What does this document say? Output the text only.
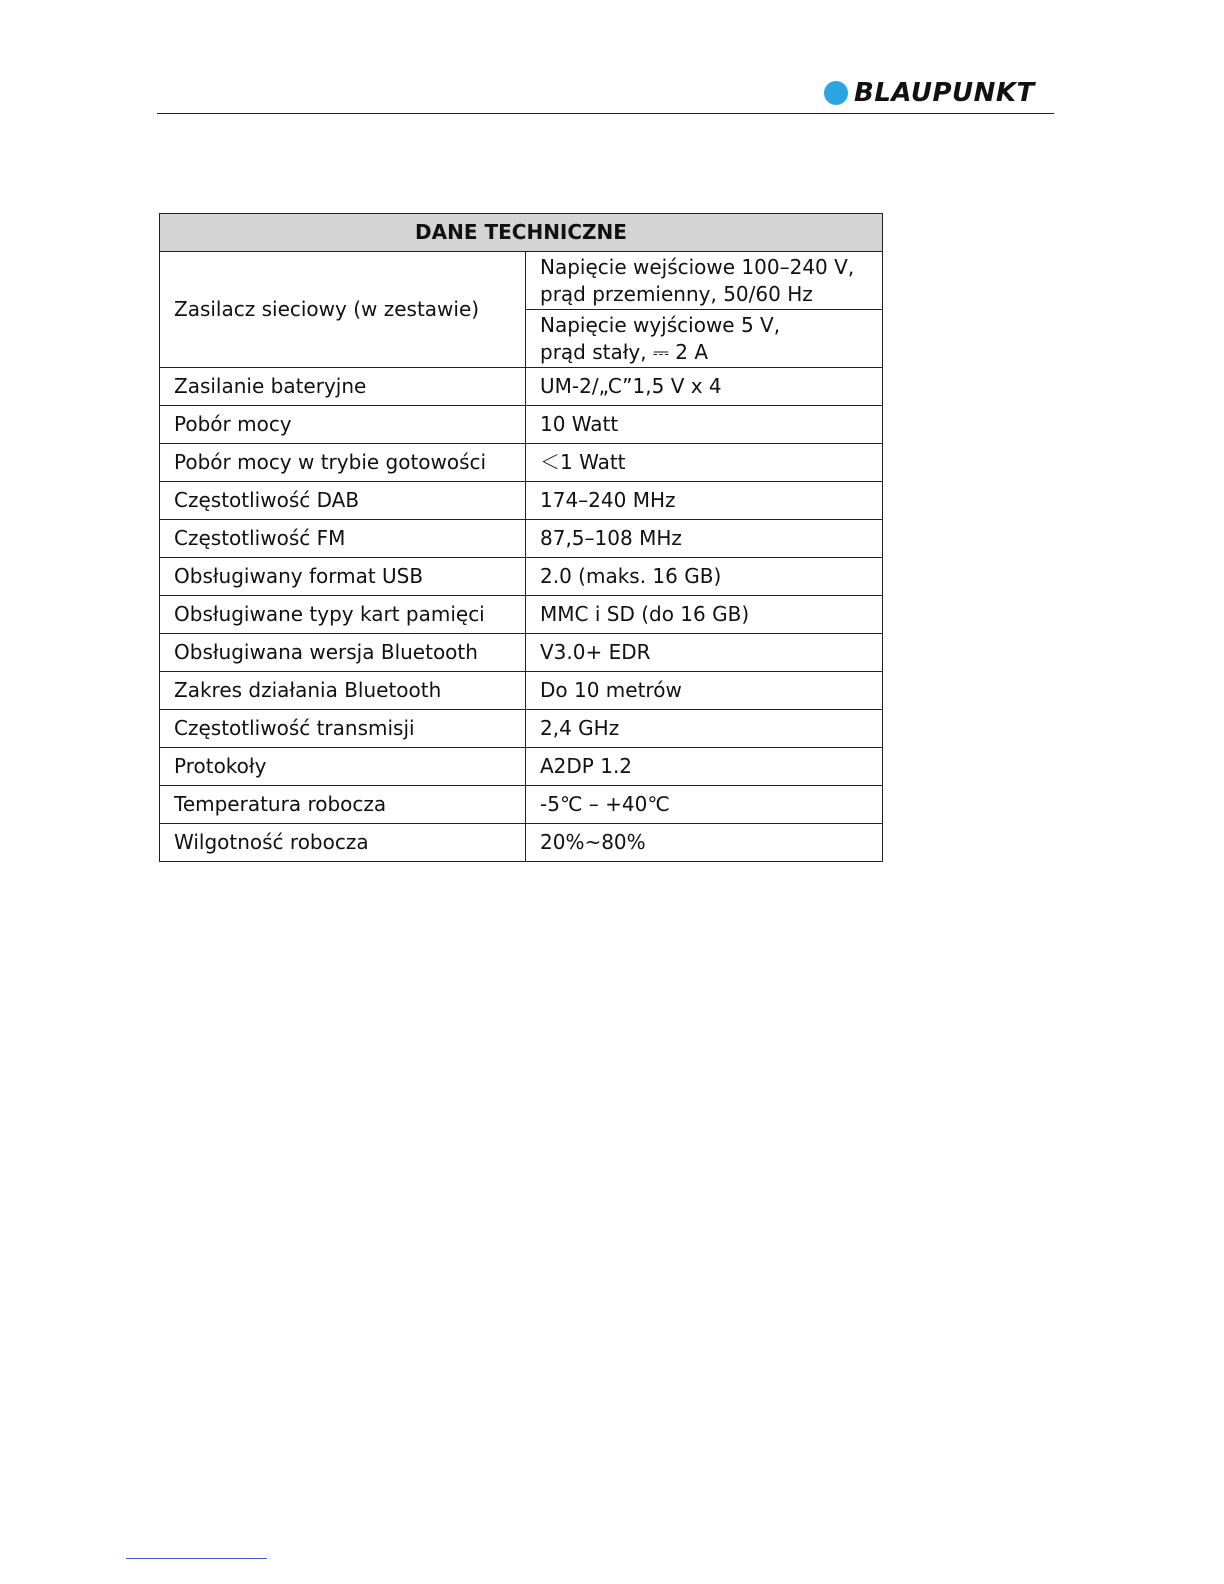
BLAUPUNKT
DANE TECHNICZNE	
Zasilacz sieciowy (w zestawie)	Napięcie wejściowe 100–240 V,
prąd przemienny, 50/60 Hz
	Napięcie wyjściowe 5 V,
prąd stały, ⎓ 2 A
Zasilanie bateryjne	UM-2/„C”1,5 V x 4
Pobór mocy	10 Watt
Pobór mocy w trybie gotowości	＜1 Watt
Częstotliwość DAB	174–240 MHz
Częstotliwość FM	87,5–108 MHz
Obsługiwany format USB	2.0 (maks. 16 GB)
Obsługiwane typy kart pamięci	MMC i SD (do 16 GB)
Obsługiwana wersja Bluetooth	V3.0+ EDR
Zakres działania Bluetooth	Do 10 metrów
Częstotliwość transmisji	2,4 GHz
Protokoły	A2DP 1.2
Temperatura robocza	-5℃ – +40℃
Wilgotność robocza	20%~80%
